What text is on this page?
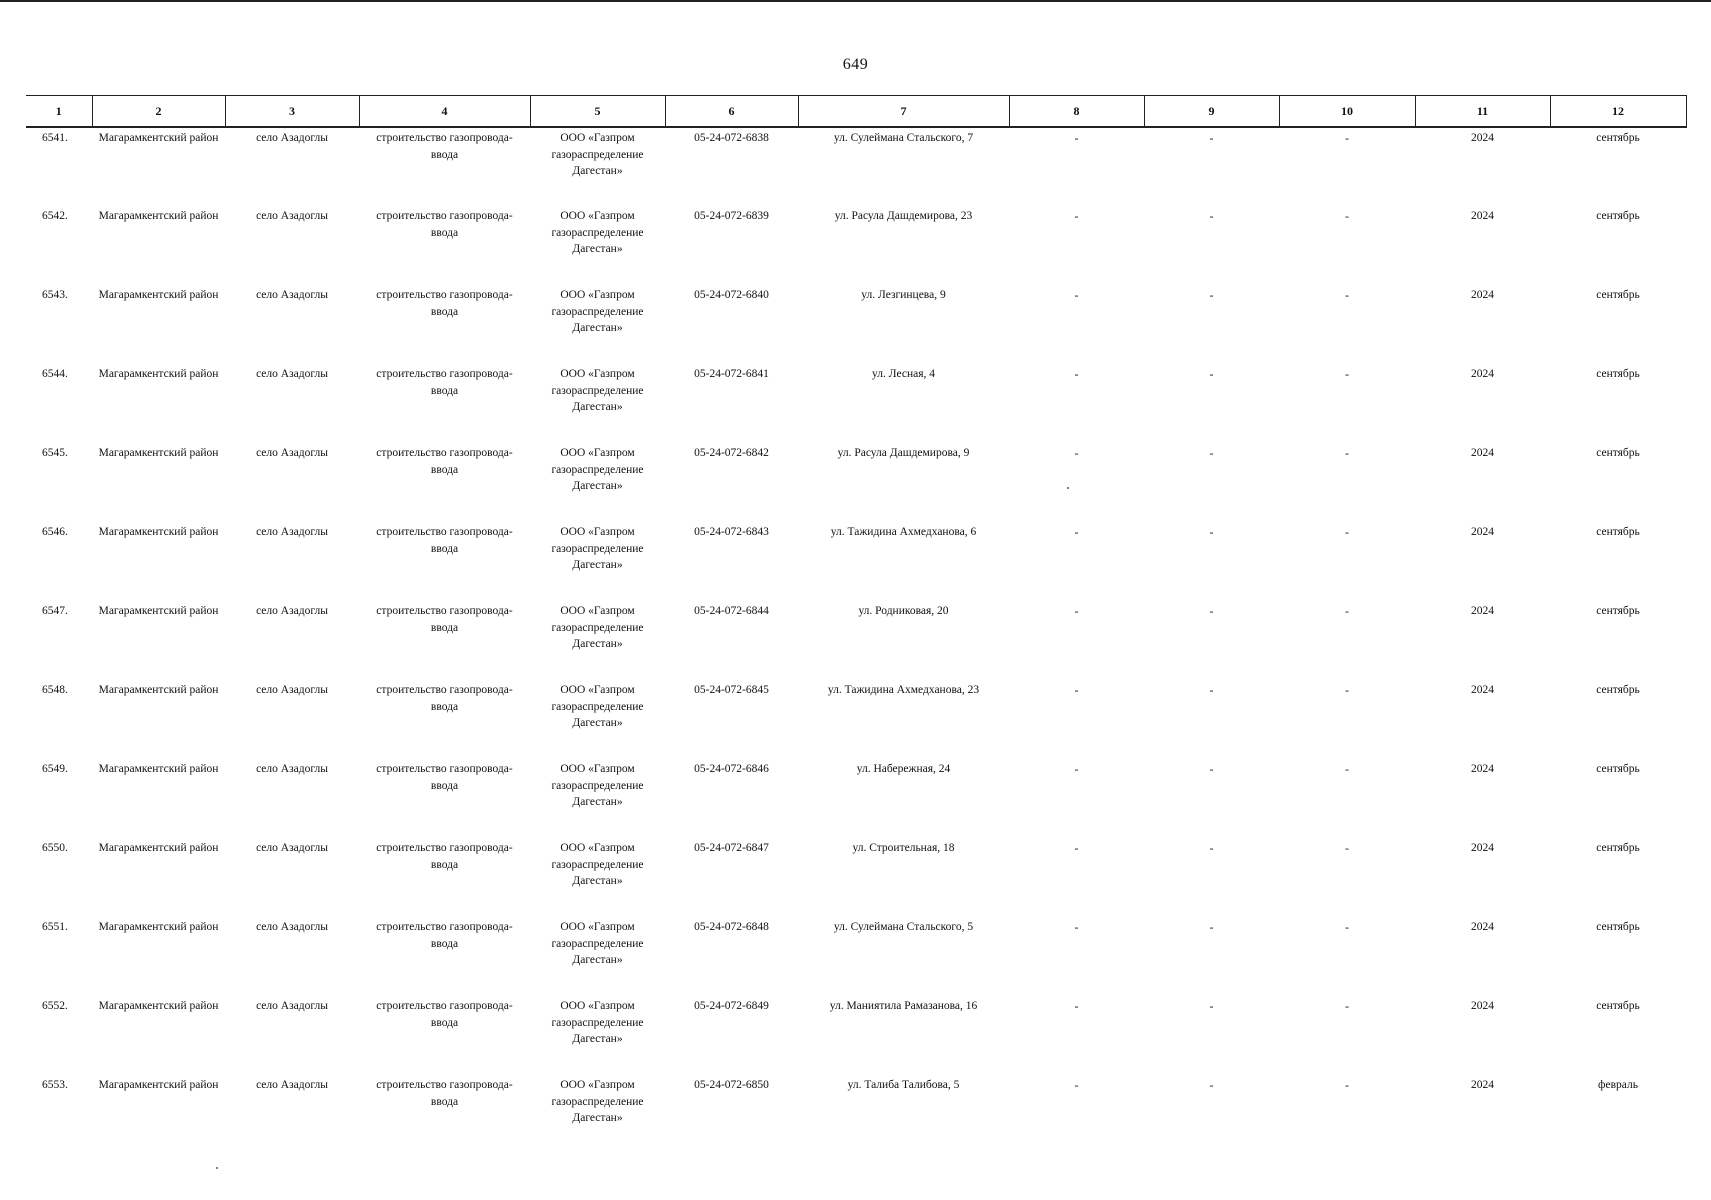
649
1	2	3	4	5	6	7	8	9	10	11	12
6541.	Магарамкентский район	село Азадоглы	строительство газопровода-ввода	ООО «Газпром газораспределение Дагестан»	05-24-072-6838	ул. Сулеймана Стальского, 7	-	-	-	2024	сентябрь
6542.	Магарамкентский район	село Азадоглы	строительство газопровода-ввода	ООО «Газпром газораспределение Дагестан»	05-24-072-6839	ул. Расула Дашдемирова, 23	-	-	-	2024	сентябрь
6543.	Магарамкентский район	село Азадоглы	строительство газопровода-ввода	ООО «Газпром газораспределение Дагестан»	05-24-072-6840	ул. Лезгинцева, 9	-	-	-	2024	сентябрь
6544.	Магарамкентский район	село Азадоглы	строительство газопровода-ввода	ООО «Газпром газораспределение Дагестан»	05-24-072-6841	ул. Лесная, 4	-	-	-	2024	сентябрь
6545.	Магарамкентский район	село Азадоглы	строительство газопровода-ввода	ООО «Газпром газораспределение Дагестан»	05-24-072-6842	ул. Расула Дашдемирова, 9	-	-	-	2024	сентябрь
6546.	Магарамкентский район	село Азадоглы	строительство газопровода-ввода	ООО «Газпром газораспределение Дагестан»	05-24-072-6843	ул. Тажидина Ахмедханова, 6	-	-	-	2024	сентябрь
6547.	Магарамкентский район	село Азадоглы	строительство газопровода-ввода	ООО «Газпром газораспределение Дагестан»	05-24-072-6844	ул. Родниковая, 20	-	-	-	2024	сентябрь
6548.	Магарамкентский район	село Азадоглы	строительство газопровода-ввода	ООО «Газпром газораспределение Дагестан»	05-24-072-6845	ул. Тажидина Ахмедханова, 23	-	-	-	2024	сентябрь
6549.	Магарамкентский район	село Азадоглы	строительство газопровода-ввода	ООО «Газпром газораспределение Дагестан»	05-24-072-6846	ул. Набережная, 24	-	-	-	2024	сентябрь
6550.	Магарамкентский район	село Азадоглы	строительство газопровода-ввода	ООО «Газпром газораспределение Дагестан»	05-24-072-6847	ул. Строительная, 18	-	-	-	2024	сентябрь
6551.	Магарамкентский район	село Азадоглы	строительство газопровода-ввода	ООО «Газпром газораспределение Дагестан»	05-24-072-6848	ул. Сулеймана Стальского, 5	-	-	-	2024	сентябрь
6552.	Магарамкентский район	село Азадоглы	строительство газопровода-ввода	ООО «Газпром газораспределение Дагестан»	05-24-072-6849	ул. Маниятила Рамазанова, 16	-	-	-	2024	сентябрь
6553.	Магарамкентский район	село Азадоглы	строительство газопровода-ввода	ООО «Газпром газораспределение Дагестан»	05-24-072-6850	ул. Талиба Талибова, 5	-	-	-	2024	февраль
